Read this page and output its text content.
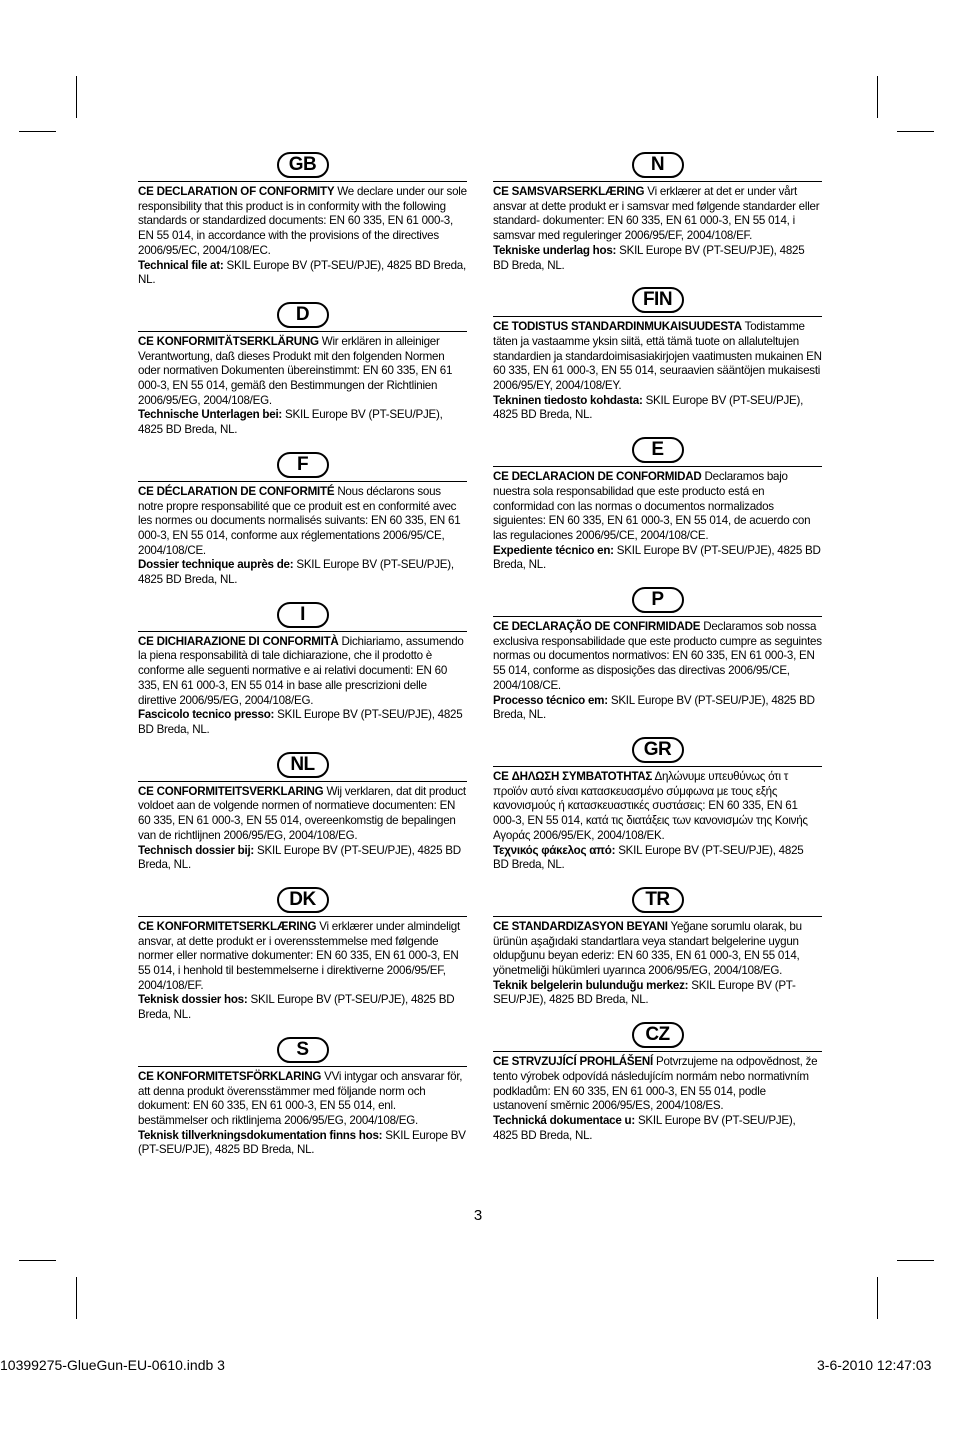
GB
CE DECLARATION OF CONFORMITY We declare under our sole responsibility that this product is in conformity with the following standards or standardized documents: EN 60 335, EN 61 000-3, EN 55 014, in accordance with the provisions of the directives 2006/95/EC, 2004/108/EC.
Technical file at: SKIL Europe BV (PT-SEU/PJE), 4825 BD Breda, NL.
D
CE KONFORMITÄTSERKLÄRUNG Wir erklären in alleiniger Verantwortung, daß dieses Produkt mit den folgenden Normen oder normativen Dokumenten übereinstimmt: EN 60 335, EN 61 000-3, EN 55 014, gemäß den Bestimmungen der Richtlinien 2006/95/EG, 2004/108/EG.
Technische Unterlagen bei: SKIL Europe BV (PT-SEU/PJE), 4825 BD Breda, NL.
F
CE DÉCLARATION DE CONFORMITÉ Nous déclarons sous notre propre responsabilité que ce produit est en conformité avec les normes ou documents normalisés suivants: EN 60 335, EN 61 000-3, EN 55 014, conforme aux réglementations 2006/95/CE, 2004/108/CE.
Dossier technique auprès de: SKIL Europe BV (PT-SEU/PJE), 4825 BD Breda, NL.
I
CE DICHIARAZIONE DI CONFORMITÀ Dichiariamo, assumendo la piena responsabilità di tale dichiarazione, che il prodotto è conforme alle seguenti normative e ai relativi documenti: EN 60 335, EN 61 000-3, EN 55 014 in base alle prescrizioni delle direttive 2006/95/EG, 2004/108/EG.
Fascicolo tecnico presso: SKIL Europe BV (PT-SEU/PJE), 4825 BD Breda, NL.
NL
CE CONFORMITEITSVERKLARING Wij verklaren, dat dit product voldoet aan de volgende normen of normatieve documenten: EN 60 335, EN 61 000-3, EN 55 014, overeenkomstig de bepalingen van de richtlijnen 2006/95/EG, 2004/108/EG.
Technisch dossier bij: SKIL Europe BV (PT-SEU/PJE), 4825 BD Breda, NL.
DK
CE KONFORMITETSERKLÆRING Vi erklærer under almindeligt ansvar, at dette produkt er i overensstemmelse med følgende normer eller normative dokumenter: EN 60 335, EN 61 000-3, EN 55 014, i henhold til bestemmelserne i direktiverne 2006/95/EF, 2004/108/EF.
Teknisk dossier hos: SKIL Europe BV (PT-SEU/PJE), 4825 BD Breda, NL.
S
CE KONFORMITETSFÖRKLARING VVi intygar och ansvarar för, att denna produkt överensstämmer med följande norm och dokument: EN 60 335, EN 61 000-3, EN 55 014, enl. bestämmelser och riktlinjema 2006/95/EG, 2004/108/EG.
Teknisk tillverkningsdokumentation finns hos: SKIL Europe BV (PT-SEU/PJE), 4825 BD Breda, NL.
N
CE SAMSVARSERKLÆRING Vi erklærer at det er under vårt ansvar at dette produkt er i samsvar med følgende standarder eller standard- dokumenter: EN 60 335, EN 61 000-3, EN 55 014, i samsvar med reguleringer 2006/95/EF, 2004/108/EF.
Tekniske underlag hos: SKIL Europe BV (PT-SEU/PJE), 4825 BD Breda, NL.
FIN
CE TODISTUS STANDARDINMUKAISUUDESTA Todistamme täten ja vastaamme yksin siitä, että tämä tuote on allaluteltujen standardien ja standardoimisasiakirjojen vaatimusten mukainen EN 60 335, EN 61 000-3, EN 55 014, seuraavien sääntöjen mukaisesti 2006/95/EY, 2004/108/EY.
Tekninen tiedosto kohdasta: SKIL Europe BV (PT-SEU/PJE), 4825 BD Breda, NL.
E
CE DECLARACION DE CONFORMIDAD Declaramos bajo nuestra sola responsabilidad que este producto está en conformidad con las normas o documentos normalizados siguientes: EN 60 335, EN 61 000-3, EN 55 014, de acuerdo con las regulaciones 2006/95/CE, 2004/108/CE.
Expediente técnico en: SKIL Europe BV (PT-SEU/PJE), 4825 BD Breda, NL.
P
CE DECLARAÇÃO DE CONFIRMIDADE Declaramos sob nossa exclusiva responsabilidade que este producto cumpre as seguintes normas ou documentos normativos: EN 60 335, EN 61 000-3, EN 55 014, conforme as disposições das directivas 2006/95/CE, 2004/108/CE.
Processo técnico em: SKIL Europe BV (PT-SEU/PJE), 4825 BD Breda, NL.
GR
CE ΔΗΛΩΣΗ ΣΥΜΒΑΤΟΤΗΤΑΣ Δηλώνυμε υπευθύνως ότι τ προϊόν αυτό είναι κατασκευασμένο σύμφωνα με τους εξής κανονισμούς ή κατασκευαστικές συστάσεις: EN 60 335, EN 61 000-3, EN 55 014, κατά τις διατάξεις των κανονισμών της Κοινής Αγοράς 2006/95/EK, 2004/108/EK.
Τεχνικός φάκελος από: SKIL Europe BV (PT-SEU/PJE), 4825 BD Breda, NL.
TR
CE STANDARDIZASYON BEYANI Yeğane sorumlu olarak, bu ürünün aşağıdaki standartlara veya standart belgelerine uygun oldupğunu beyan ederiz: EN 60 335, EN 61 000-3, EN 55 014, yönetmeliği hükümleri uyarınca 2006/95/EG, 2004/108/EG.
Teknik belgelerin bulunduğu merkez: SKIL Europe BV (PT-SEU/PJE), 4825 BD Breda, NL.
CZ
CE STRVZUJÍCÍ PROHLÁŠENÍ Potvrzujeme na odpovědnost, že tento výrobek odpovídá následujícím normám nebo normativním podkladům: EN 60 335, EN 61 000-3, EN 55 014, podle ustanovení směrnic 2006/95/ES, 2004/108/ES.
Technická dokumentace u: SKIL Europe BV (PT-SEU/PJE), 4825 BD Breda, NL.
3
10399275-GlueGun-EU-0610.indb 3	3-6-2010 12:47:03
